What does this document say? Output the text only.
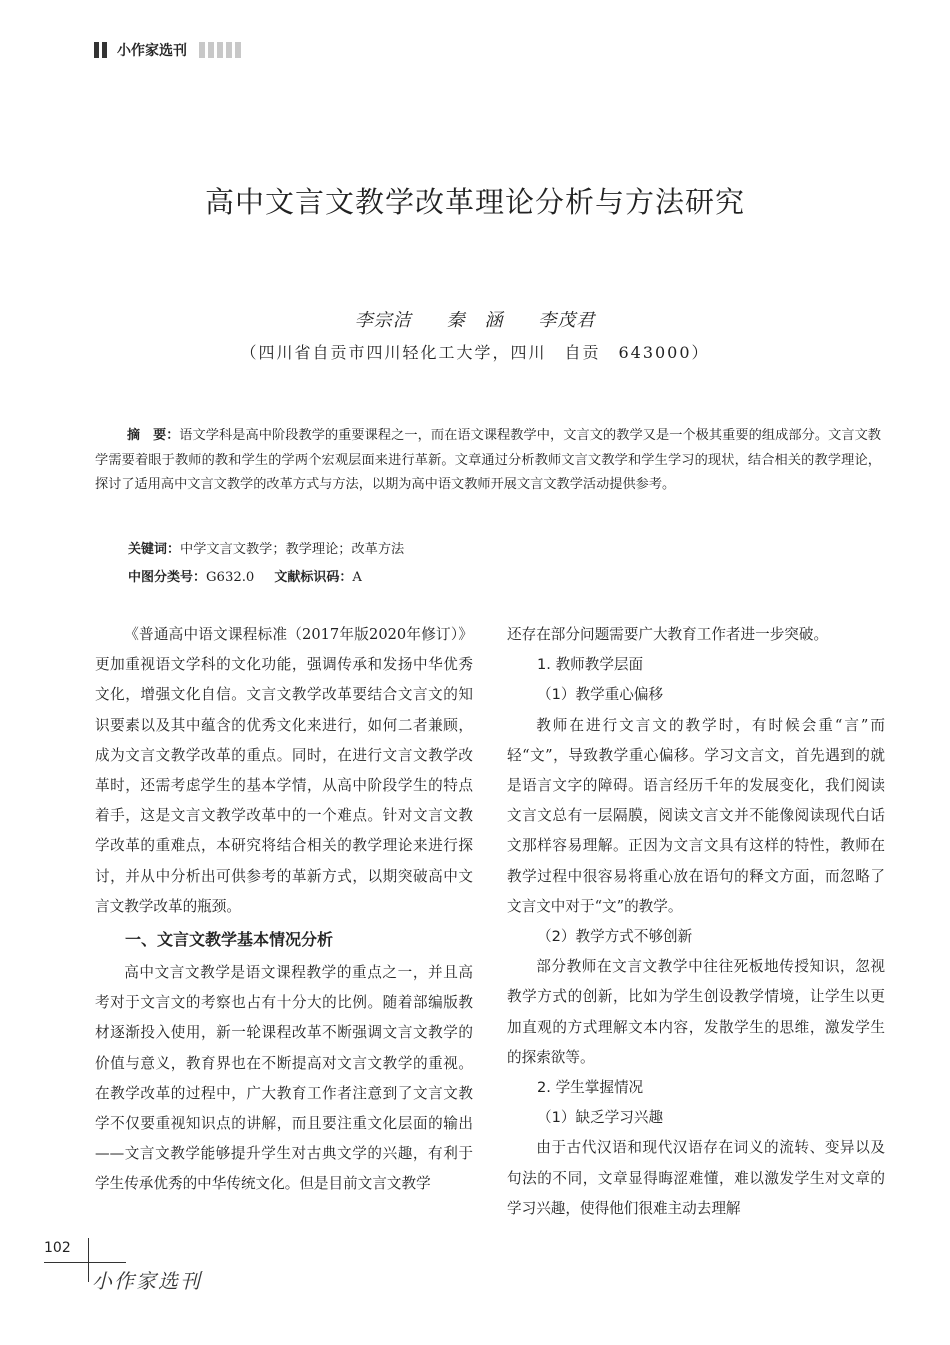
小作家选刊
高中文言文教学改革理论分析与方法研究
李宗洁 秦　涵 李茂君
（四川省自贡市四川轻化工大学，四川　自贡　643000）
摘　要：语文学科是高中阶段教学的重要课程之一，而在语文课程教学中，文言文的教学又是一个极其重要的组成部分。文言文教学需要着眼于教师的教和学生的学两个宏观层面来进行革新。文章通过分析教师文言文教学和学生学习的现状，结合相关的教学理论，探讨了适用高中文言文教学的改革方式与方法，以期为高中语文教师开展文言文教学活动提供参考。
关键词：中学文言文教学；教学理论；改革方法
中图分类号：G632.0 文献标识码：A

《普通高中语文课程标准（2017年版2020年修订）》更加重视语文学科的文化功能，强调传承和发扬中华优秀文化，增强文化自信。文言文教学改革要结合文言文的知识要素以及其中蕴含的优秀文化来进行，如何二者兼顾，成为文言文教学改革的重点。同时，在进行文言文教学改革时，还需考虑学生的基本学情，从高中阶段学生的特点着手，这是文言文教学改革中的一个难点。针对文言文教学改革的重难点，本研究将结合相关的教学理论来进行探讨，并从中分析出可供参考的革新方式，以期突破高中文言文教学改革的瓶颈。

一、文言文教学基本情况分析

高中文言文教学是语文课程教学的重点之一，并且高考对于文言文的考察也占有十分大的比例。随着部编版教材逐渐投入使用，新一轮课程改革不断强调文言文教学的价值与意义，教育界也在不断提高对文言文教学的重视。在教学改革的过程中，广大教育工作者注意到了文言文教学不仅要重视知识点的讲解，而且要注重文化层面的输出——文言文教学能够提升学生对古典文学的兴趣，有利于学生传承优秀的中华传统文化。但是目前文言文教学

还存在部分问题需要广大教育工作者进一步突破。

1. 教师教学层面
（1）教学重心偏移

教师在进行文言文的教学时，有时候会重“言”而轻“文”，导致教学重心偏移。学习文言文，首先遇到的就是语言文字的障碍。语言经历千年的发展变化，我们阅读文言文总有一层隔膜，阅读文言文并不能像阅读现代白话文那样容易理解。正因为文言文具有这样的特性，教师在教学过程中很容易将重心放在语句的释文方面，而忽略了文言文中对于“文”的教学。

（2）教学方式不够创新

部分教师在文言文教学中往往死板地传授知识，忽视教学方式的创新，比如为学生创设教学情境，让学生以更加直观的方式理解文本内容，发散学生的思维，激发学生的探索欲等。

2. 学生掌握情况
（1）缺乏学习兴趣

由于古代汉语和现代汉语存在词义的流转、变异以及句法的不同，文章显得晦涩难懂，难以激发学生对文章的学习兴趣，使得他们很难主动去理解

102
小作家选刊
